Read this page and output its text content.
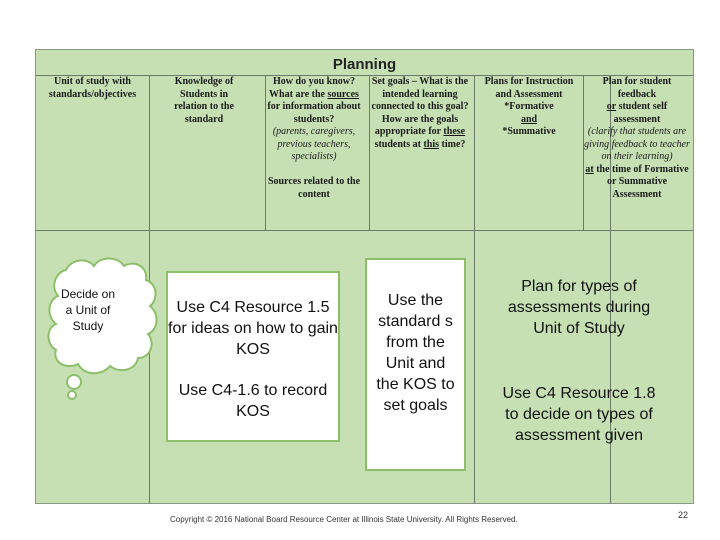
Planning
Unit of study with standards/objectives
Knowledge of Students in relation to the standard
How do you know? What are the sources for information about students?
(parents, caregivers, previous teachers, specialists)

Sources related to the content
Set goals – What is the intended learning connected to this goal? How are the goals appropriate for these students at this time?
Plans for Instruction and Assessment *Formative
and
*Summative
Plan for student feedback
or student self assessment
(clarify that students are giving feedback to teacher on their learning)
at the time of Formative or Summative Assessment
Decide on a Unit of Study
Use C4 Resource 1.5 for ideas on how to gain KOS
Use C4-1.6 to record KOS
Use the standard s from the Unit and the KOS to set goals
Plan for types of assessments during Unit of Study
Use C4 Resource 1.8 to decide on types of assessment given
Copyright © 2016 National Board Resource Center at Illinois State University. All Rights Reserved.	22
